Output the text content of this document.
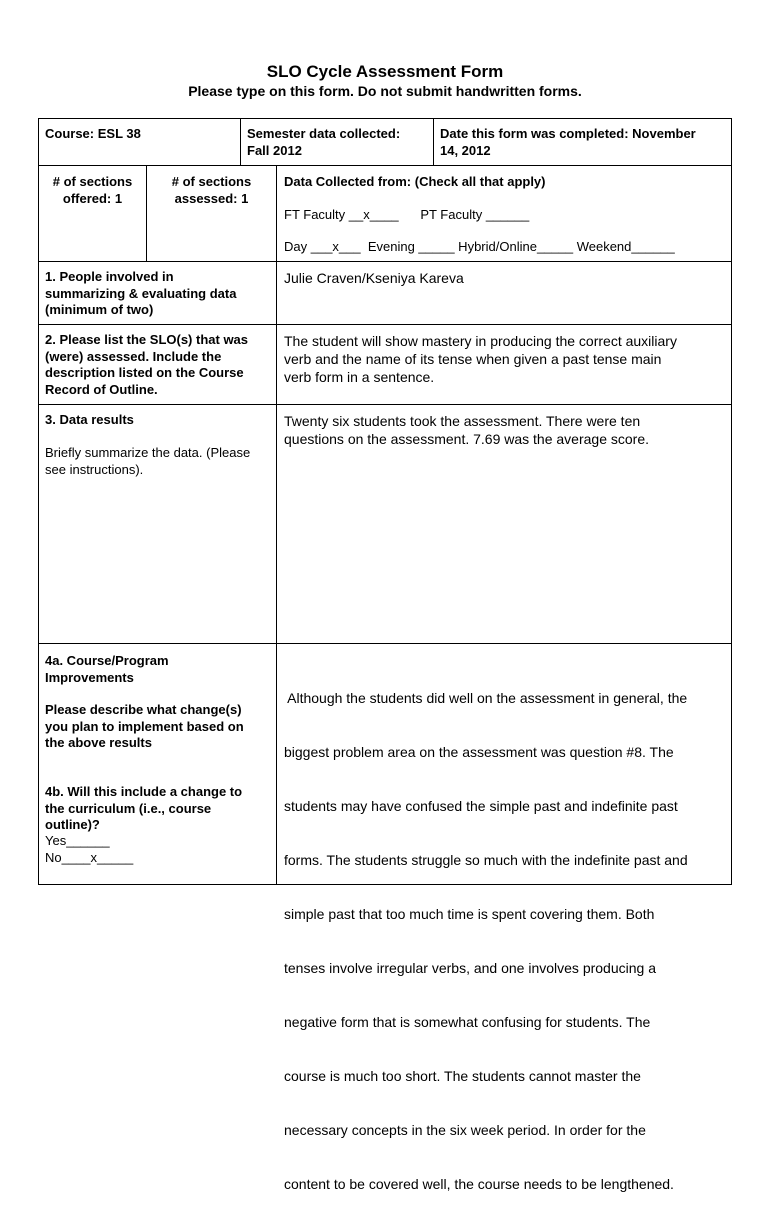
SLO Cycle Assessment Form
Please type on this form. Do not submit handwritten forms.
Course: ESL 38	Semester data collected:
Fall 2012
Date this form was completed: November
14, 2012
# of sections
offered: 1
# of sections
assessed: 1
Data Collected from: (Check all that apply)
FT Faculty __x____      PT Faculty ______
Day ___x___  Evening _____ Hybrid/Online_____ Weekend______
1. People involved in
summarizing & evaluating data
(minimum of two)
Julie Craven/Kseniya Kareva
2. Please list the SLO(s) that was
(were) assessed. Include the
description listed on the Course
Record of Outline.
The student will show mastery in producing the correct auxiliary
verb and the name of its tense when given a past tense main
verb form in a sentence.
3. Data results
Briefly summarize the data. (Please
see instructions).
Twenty six students took the assessment. There were ten
questions on the assessment. 7.69 was the average score.
4a. Course/Program
Improvements
Please describe what change(s)
you plan to implement based on
the above results
4b. Will this include a change to
the curriculum (i.e., course
outline)?
Yes______
No____x_____

Although the students did well on the assessment in general, the

biggest problem area on the assessment was question #8. The

students may have confused the simple past and indefinite past

forms. The students struggle so much with the indefinite past and

simple past that too much time is spent covering them. Both

tenses involve irregular verbs, and one involves producing a

negative form that is somewhat confusing for students. The

course is much too short. The students cannot master the

necessary concepts in the six week period. In order for the

content to be covered well, the course needs to be lengthened.
